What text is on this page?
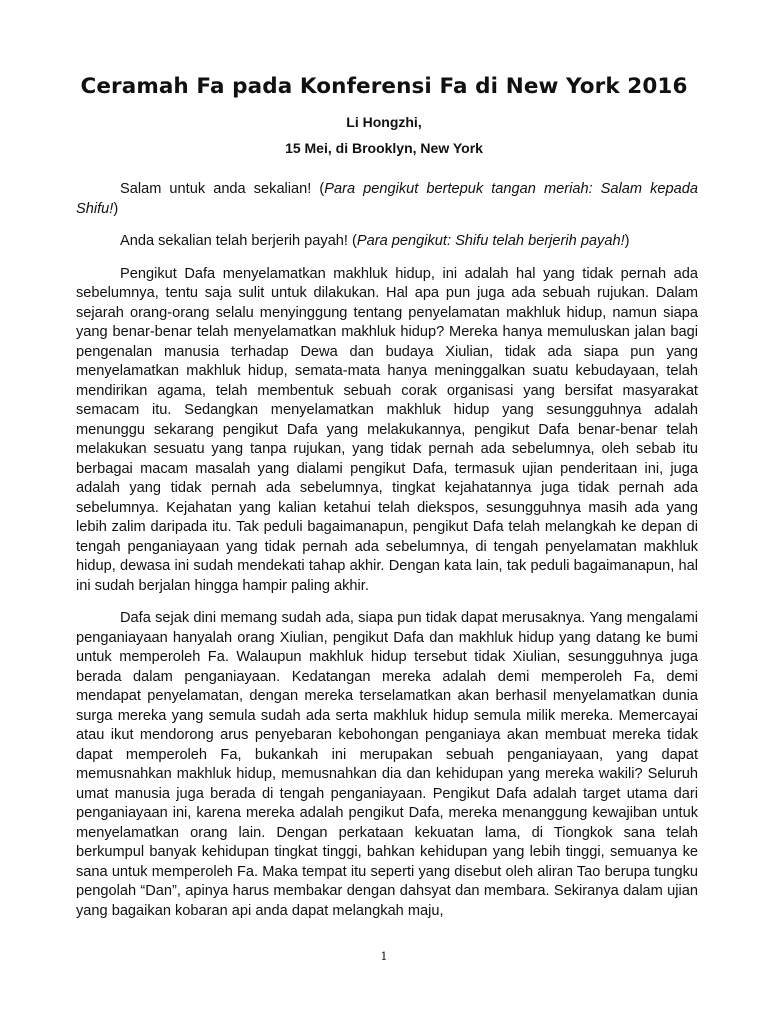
Ceramah Fa pada Konferensi Fa di New York 2016
Li Hongzhi,
15 Mei, di Brooklyn, New York

Salam untuk anda sekalian! (Para pengikut bertepuk tangan meriah: Salam kepada Shifu!)

Anda sekalian telah berjerih payah! (Para pengikut: Shifu telah berjerih payah!)

Pengikut Dafa menyelamatkan makhluk hidup, ini adalah hal yang tidak pernah ada sebelumnya, tentu saja sulit untuk dilakukan. Hal apa pun juga ada sebuah rujukan. Dalam sejarah orang-orang selalu menyinggung tentang penyelamatan makhluk hidup, namun siapa yang benar-benar telah menyelamatkan makhluk hidup? Mereka hanya memuluskan jalan bagi pengenalan manusia terhadap Dewa dan budaya Xiulian, tidak ada siapa pun yang menyelamatkan makhluk hidup, semata-mata hanya meninggalkan suatu kebudayaan, telah mendirikan agama, telah membentuk sebuah corak organisasi yang bersifat masyarakat semacam itu. Sedangkan menyelamatkan makhluk hidup yang sesungguhnya adalah menunggu sekarang pengikut Dafa yang melakukannya, pengikut Dafa benar-benar telah melakukan sesuatu yang tanpa rujukan, yang tidak pernah ada sebelumnya, oleh sebab itu berbagai macam masalah yang dialami pengikut Dafa, termasuk ujian penderitaan ini, juga adalah yang tidak pernah ada sebelumnya, tingkat kejahatannya juga tidak pernah ada sebelumnya. Kejahatan yang kalian ketahui telah diekspos, sesungguhnya masih ada yang lebih zalim daripada itu. Tak peduli bagaimanapun, pengikut Dafa telah melangkah ke depan di tengah penganiayaan yang tidak pernah ada sebelumnya, di tengah penyelamatan makhluk hidup, dewasa ini sudah mendekati tahap akhir. Dengan kata lain, tak peduli bagaimanapun, hal ini sudah berjalan hingga hampir paling akhir.

Dafa sejak dini memang sudah ada, siapa pun tidak dapat merusaknya. Yang mengalami penganiayaan hanyalah orang Xiulian, pengikut Dafa dan makhluk hidup yang datang ke bumi untuk memperoleh Fa. Walaupun makhluk hidup tersebut tidak Xiulian, sesungguhnya juga berada dalam penganiayaan. Kedatangan mereka adalah demi memperoleh Fa, demi mendapat penyelamatan, dengan mereka terselamatkan akan berhasil menyelamatkan dunia surga mereka yang semula sudah ada serta makhluk hidup semula milik mereka. Memercayai atau ikut mendorong arus penyebaran kebohongan penganiaya akan membuat mereka tidak dapat memperoleh Fa, bukankah ini merupakan sebuah penganiayaan, yang dapat memusnahkan makhluk hidup, memusnahkan dia dan kehidupan yang mereka wakili? Seluruh umat manusia juga berada di tengah penganiayaan. Pengikut Dafa adalah target utama dari penganiayaan ini, karena mereka adalah pengikut Dafa, mereka menanggung kewajiban untuk menyelamatkan orang lain. Dengan perkataan kekuatan lama, di Tiongkok sana telah berkumpul banyak kehidupan tingkat tinggi, bahkan kehidupan yang lebih tinggi, semuanya ke sana untuk memperoleh Fa. Maka tempat itu seperti yang disebut oleh aliran Tao berupa tungku pengolah “Dan”, apinya harus membakar dengan dahsyat dan membara. Sekiranya dalam ujian yang bagaikan kobaran api anda dapat melangkah maju,

1
